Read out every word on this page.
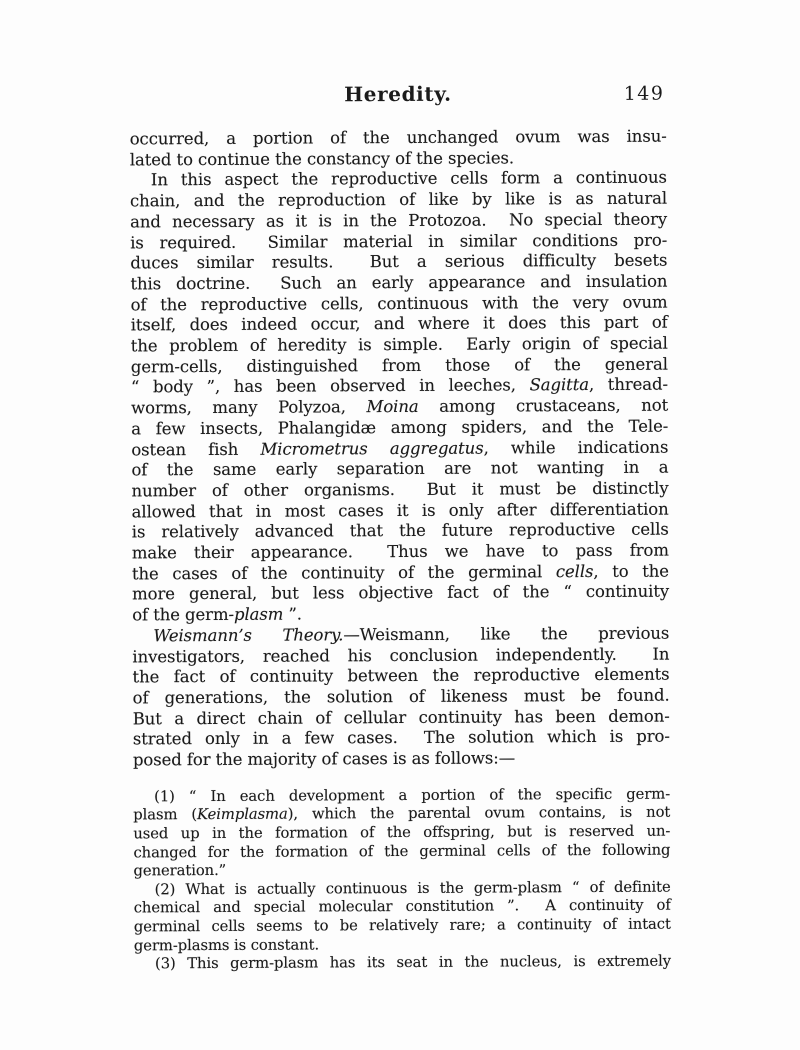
Heredity.	149
occurred, a portion of the unchanged ovum was insu-
lated to continue the constancy of the species.
In this aspect the reproductive cells form a continuous
chain, and the reproduction of like by like is as natural
and necessary as it is in the Protozoa.  No special theory
is required.  Similar material in similar conditions pro-
duces similar results.  But a serious difficulty besets
this doctrine.  Such an early appearance and insulation
of the reproductive cells, continuous with the very ovum
itself, does indeed occur, and where it does this part of
the problem of heredity is simple.  Early origin of special
germ-cells, distinguished from those of the general
“ body ”, has been observed in leeches, Sagitta, thread-
worms, many Polyzoa, Moina among crustaceans, not
a few insects, Phalangidæ among spiders, and the Tele-
ostean fish Micrometrus aggregatus, while indications
of the same early separation are not wanting in a
number of other organisms.  But it must be distinctly
allowed that in most cases it is only after differentiation
is relatively advanced that the future reproductive cells
make their appearance.  Thus we have to pass from
the cases of the continuity of the germinal cells, to the
more general, but less objective fact of the “ continuity
of the germ-plasm ”.
Weismann’s Theory.—Weismann, like the previous
investigators, reached his conclusion independently.  In
the fact of continuity between the reproductive elements
of generations, the solution of likeness must be found.
But a direct chain of cellular continuity has been demon-
strated only in a few cases.  The solution which is pro-
posed for the majority of cases is as follows:—
(1) “ In each development a portion of the specific germ-
plasm (Keimplasma), which the parental ovum contains, is not
used up in the formation of the offspring, but is reserved un-
changed for the formation of the germinal cells of the following
generation.”
(2) What is actually continuous is the germ-plasm “ of definite
chemical and special molecular constitution ”.  A continuity of
germinal cells seems to be relatively rare; a continuity of intact
germ-plasms is constant.
(3) This germ-plasm has its seat in the nucleus, is extremely
